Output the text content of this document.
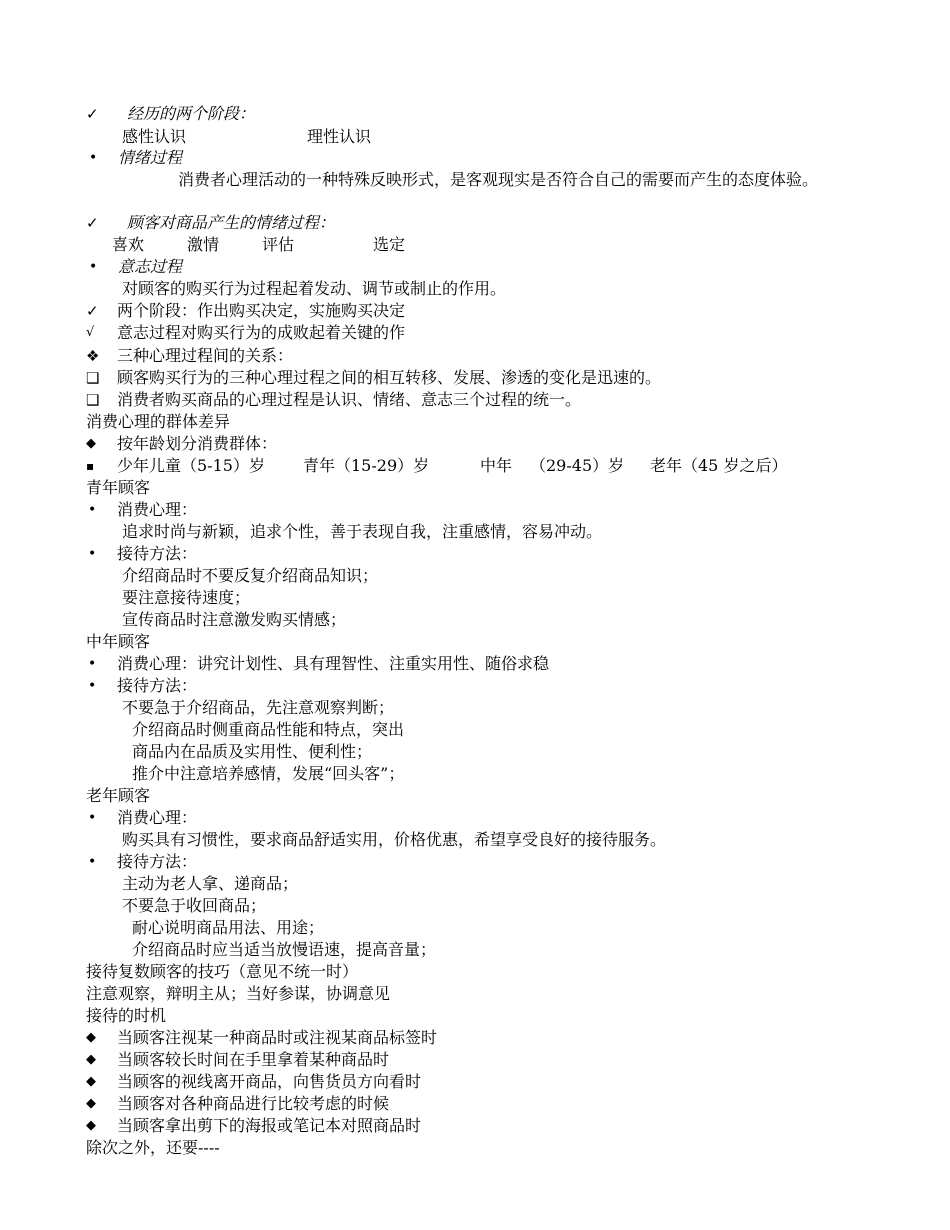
✓ 经历的两个阶段：
感性认识	理性认识
• 情绪过程
消费者心理活动的一种特殊反映形式，是客观现实是否符合自己的需要而产生的态度体验。
✓ 顾客对商品产生的情绪过程：
喜欢	激情	评估	选定
• 意志过程
对顾客的购买行为过程起着发动、调节或制止的作用。
✓ 两个阶段：作出购买决定，实施购买决定
√ 意志过程对购买行为的成败起着关键的作
❖ 三种心理过程间的关系：
❑ 顾客购买行为的三种心理过程之间的相互转移、发展、渗透的变化是迅速的。
❑ 消费者购买商品的心理过程是认识、情绪、意志三个过程的统一。
消费心理的群体差异
◆ 按年龄划分消费群体：
▪ 少年儿童（5-15）岁 青年（15-29）岁	中年 （29-45）岁 老年（45 岁之后）
青年顾客
• 消费心理：
追求时尚与新颖，追求个性，善于表现自我，注重感情，容易冲动。
• 接待方法：
介绍商品时不要反复介绍商品知识；
要注意接待速度；
宣传商品时注意激发购买情感；
中年顾客
• 消费心理：讲究计划性、具有理智性、注重实用性、随俗求稳
• 接待方法：
不要急于介绍商品，先注意观察判断；
介绍商品时侧重商品性能和特点，突出
商品内在品质及实用性、便利性；
推介中注意培养感情，发展“回头客”；
老年顾客
• 消费心理：
购买具有习惯性，要求商品舒适实用，价格优惠，希望享受良好的接待服务。
• 接待方法：
主动为老人拿、递商品；
不要急于收回商品；
耐心说明商品用法、用途；
介绍商品时应当适当放慢语速，提高音量；
接待复数顾客的技巧（意见不统一时）
注意观察，辩明主从；当好参谋，协调意见
接待的时机
◆ 当顾客注视某一种商品时或注视某商品标签时
◆ 当顾客较长时间在手里拿着某种商品时
◆ 当顾客的视线离开商品，向售货员方向看时
◆ 当顾客对各种商品进行比较考虑的时候
◆ 当顾客拿出剪下的海报或笔记本对照商品时
除次之外，还要----
